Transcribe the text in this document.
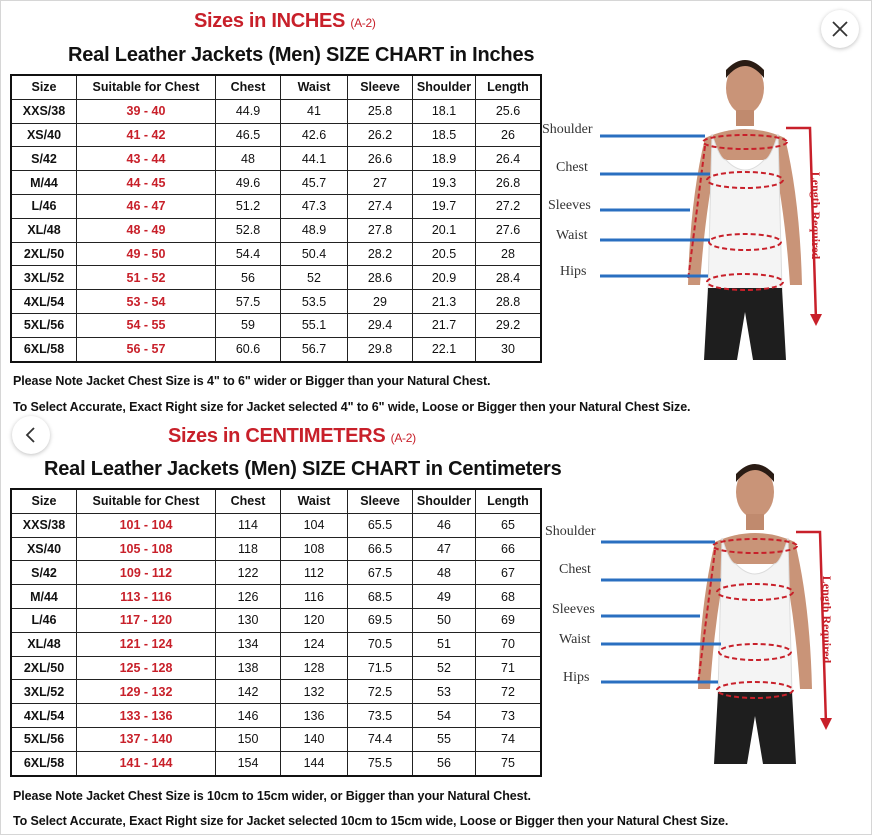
Sizes in INCHES (A-2)
Real Leather Jackets (Men) SIZE CHART in Inches
Size	Suitable for Chest	Chest	Waist	Sleeve	Shoulder	Length
XXS/38	39 - 40	44.9	41	25.8	18.1	25.6
XS/40	41 - 42	46.5	42.6	26.2	18.5	26
S/42	43 - 44	48	44.1	26.6	18.9	26.4
M/44	44 - 45	49.6	45.7	27	19.3	26.8
L/46	46 - 47	51.2	47.3	27.4	19.7	27.2
XL/48	48 - 49	52.8	48.9	27.8	20.1	27.6
2XL/50	49 - 50	54.4	50.4	28.2	20.5	28
3XL/52	51 - 52	56	52	28.6	20.9	28.4
4XL/54	53 - 54	57.5	53.5	29	21.3	28.8
5XL/56	54 - 55	59	55.1	29.4	21.7	29.2
6XL/58	56 - 57	60.6	56.7	29.8	22.1	30
Please Note Jacket Chest Size is 4" to 6" wider or Bigger than your Natural Chest.
To Select Accurate, Exact Right size for Jacket selected 4" to 6" wide, Loose or Bigger then your Natural Chest Size.
Sizes in CENTIMETERS (A-2)
Real Leather Jackets (Men) SIZE CHART in Centimeters
Size	Suitable for Chest	Chest	Waist	Sleeve	Shoulder	Length
XXS/38	101 - 104	114	104	65.5	46	65
XS/40	105 - 108	118	108	66.5	47	66
S/42	109 - 112	122	112	67.5	48	67
M/44	113 - 116	126	116	68.5	49	68
L/46	117 - 120	130	120	69.5	50	69
XL/48	121 - 124	134	124	70.5	51	70
2XL/50	125 - 128	138	128	71.5	52	71
3XL/52	129 - 132	142	132	72.5	53	72
4XL/54	133 - 136	146	136	73.5	54	73
5XL/56	137 - 140	150	140	74.4	55	74
6XL/58	141 - 144	154	144	75.5	56	75
Please Note Jacket Chest Size is 10cm to 15cm wider, or Bigger than your Natural Chest.
To Select Accurate, Exact Right size for Jacket selected 10cm to 15cm wide, Loose or Bigger then your Natural Chest Size.
Shoulder
Chest
Sleeves
Waist
Hips
Length Required
Shoulder
Chest
Sleeves
Waist
Hips
Length Required
